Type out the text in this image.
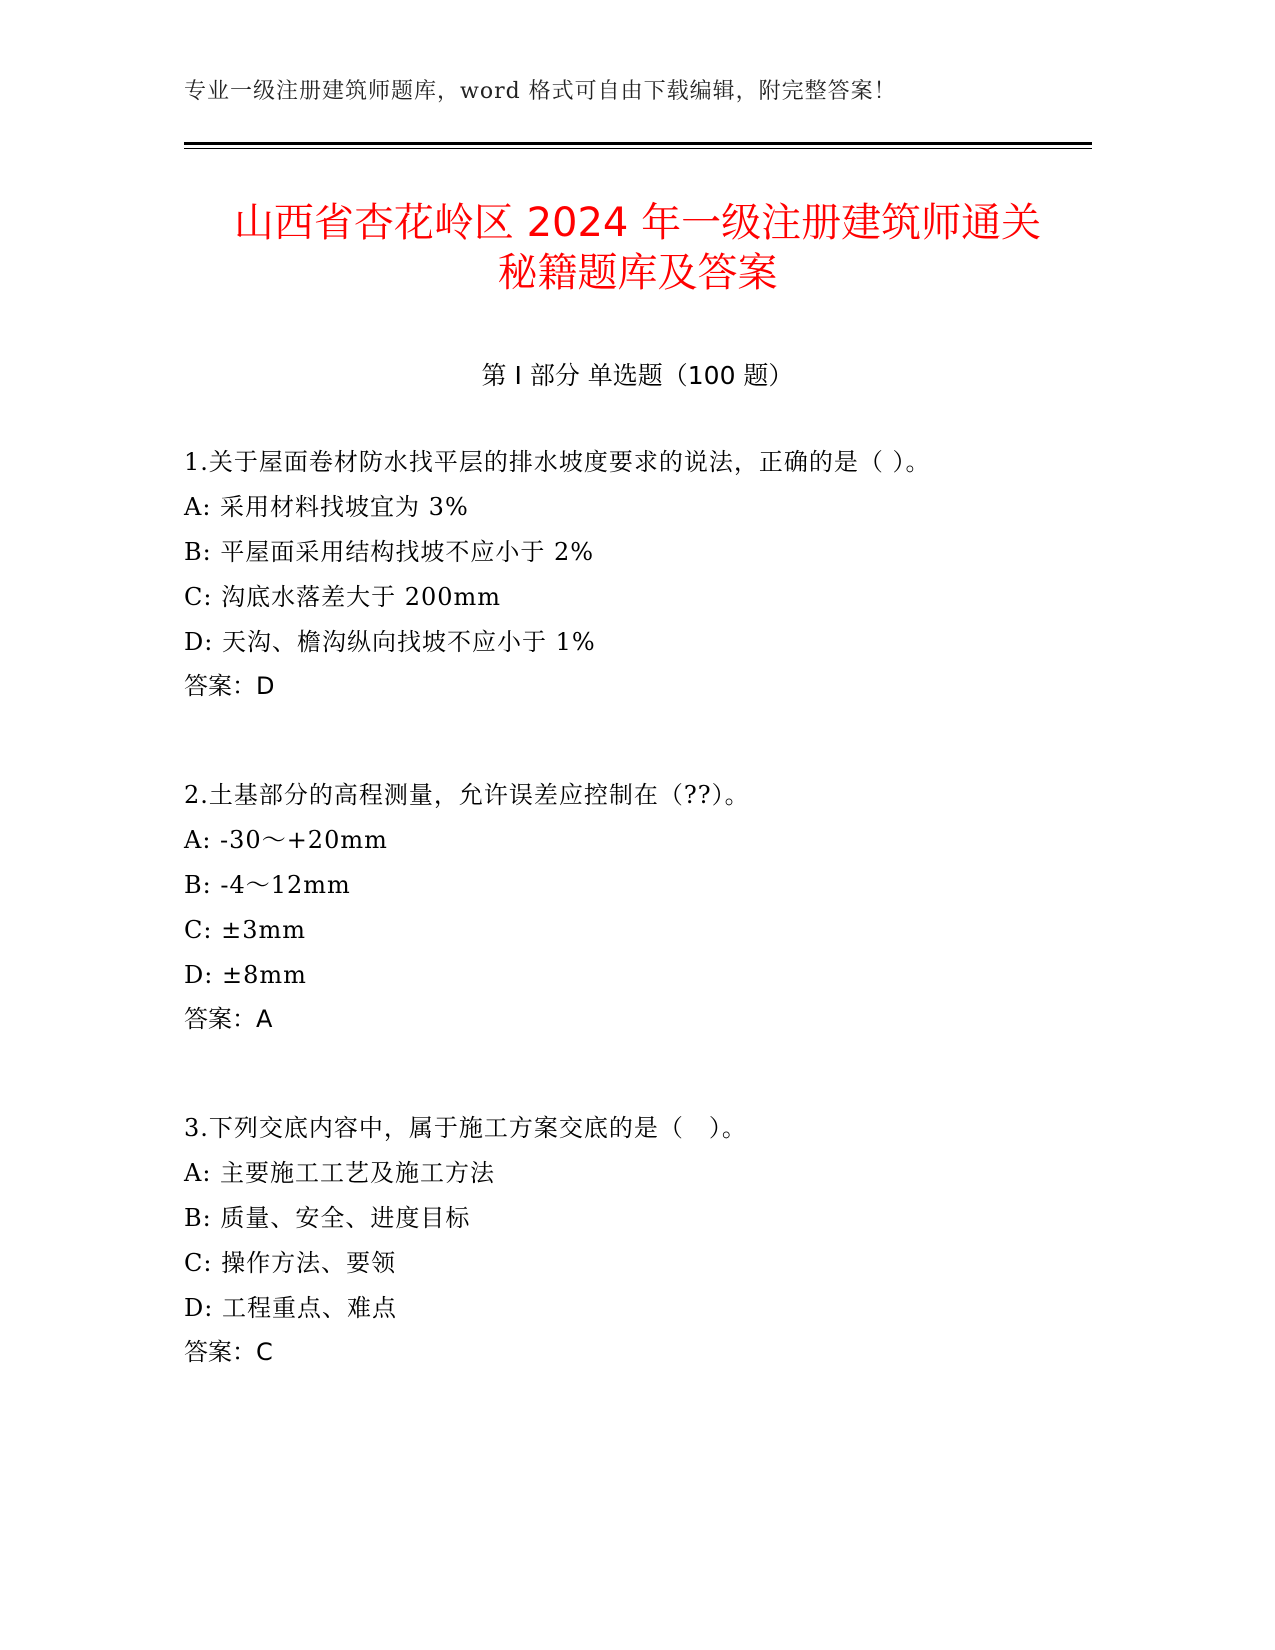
专业一级注册建筑师题库，word 格式可自由下载编辑，附完整答案！
山西省杏花岭区 2024 年一级注册建筑师通关
秘籍题库及答案
第 I 部分 单选题（100 题）
1.关于屋面卷材防水找平层的排水坡度要求的说法，正确的是（ ）。
A: 采用材料找坡宜为 3%
B: 平屋面采用结构找坡不应小于 2%
C: 沟底水落差大于 200mm
D: 天沟、檐沟纵向找坡不应小于 1%
答案：D
2.土基部分的高程测量，允许误差应控制在（??）。
A: -30～+20mm
B: -4～12mm
C: ±3mm
D: ±8mm
答案：A
3.下列交底内容中，属于施工方案交底的是（　）。
A: 主要施工工艺及施工方法
B: 质量、安全、进度目标
C: 操作方法、要领
D: 工程重点、难点
答案：C
